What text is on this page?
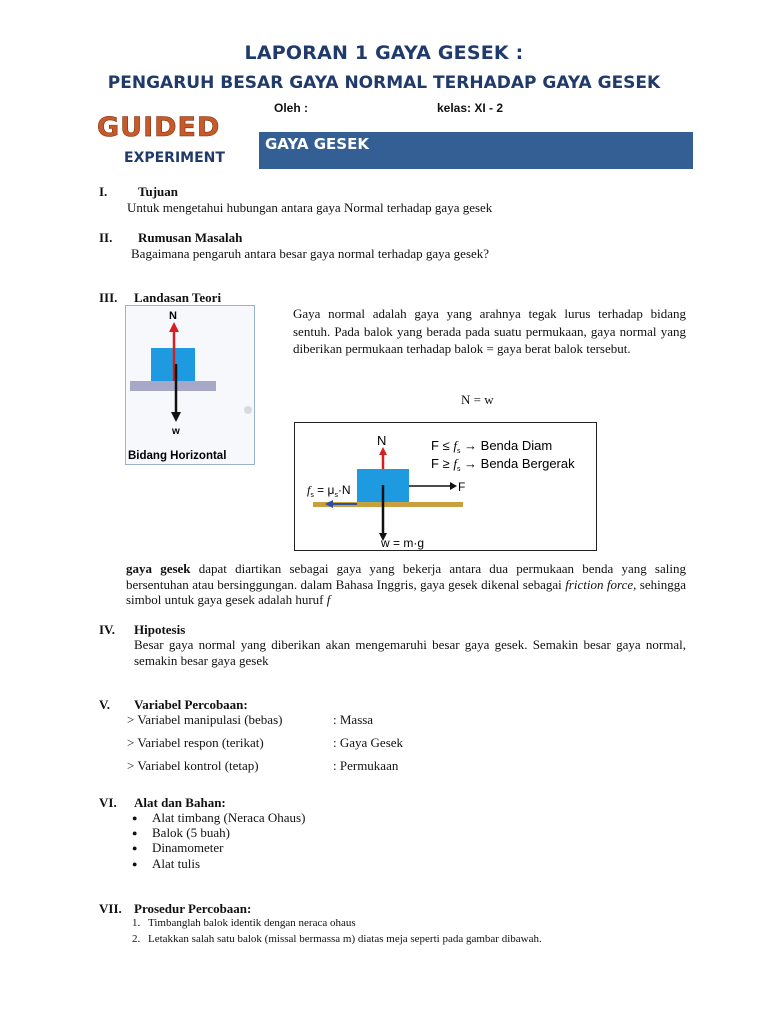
LAPORAN 1 GAYA GESEK :
PENGARUH BESAR GAYA NORMAL TERHADAP GAYA GESEK
Oleh :	kelas: XI - 2
GUIDED
EXPERIMENT
GAYA GESEK
I. Tujuan
Untuk mengetahui hubungan antara gaya Normal terhadap gaya gesek
II. Rumusan Masalah
Bagaimana pengaruh antara besar gaya normal terhadap gaya gesek?
III. Landasan Teori
N
w
Bidang Horizontal
Gaya normal adalah gaya yang arahnya tegak lurus terhadap bidang sentuh. Pada balok yang berada pada suatu permukaan, gaya normal yang diberikan permukaan terhadap balok = gaya berat balok tersebut.
N = w
N
F
$f_s = \mu_s\cdot N$
$F \le f_s$ → Benda Diam
$F \ge f_s$ → Benda Bergerak
w = m·g
gaya gesek dapat diartikan sebagai gaya yang bekerja antara dua permukaan benda yang saling bersentuhan atau bersinggungan. dalam Bahasa Inggris, gaya gesek dikenal sebagai friction force, sehingga simbol untuk gaya gesek adalah huruf f
IV. Hipotesis
Besar gaya normal yang diberikan akan mengemaruhi besar gaya gesek. Semakin besar gaya normal, semakin besar gaya gesek
V. Variabel Percobaan:
> Variabel manipulasi (bebas)	: Massa
> Variabel respon (terikat)	: Gaya Gesek
> Variabel kontrol (tetap)	: Permukaan
VI. Alat dan Bahan:
● Alat timbang (Neraca Ohaus)
● Balok (5 buah)
● Dinamometer
● Alat tulis
VII. Prosedur Percobaan:
1. Timbanglah balok identik dengan neraca ohaus
2. Letakkan salah satu balok (missal bermassa m) diatas meja seperti pada gambar dibawah.
